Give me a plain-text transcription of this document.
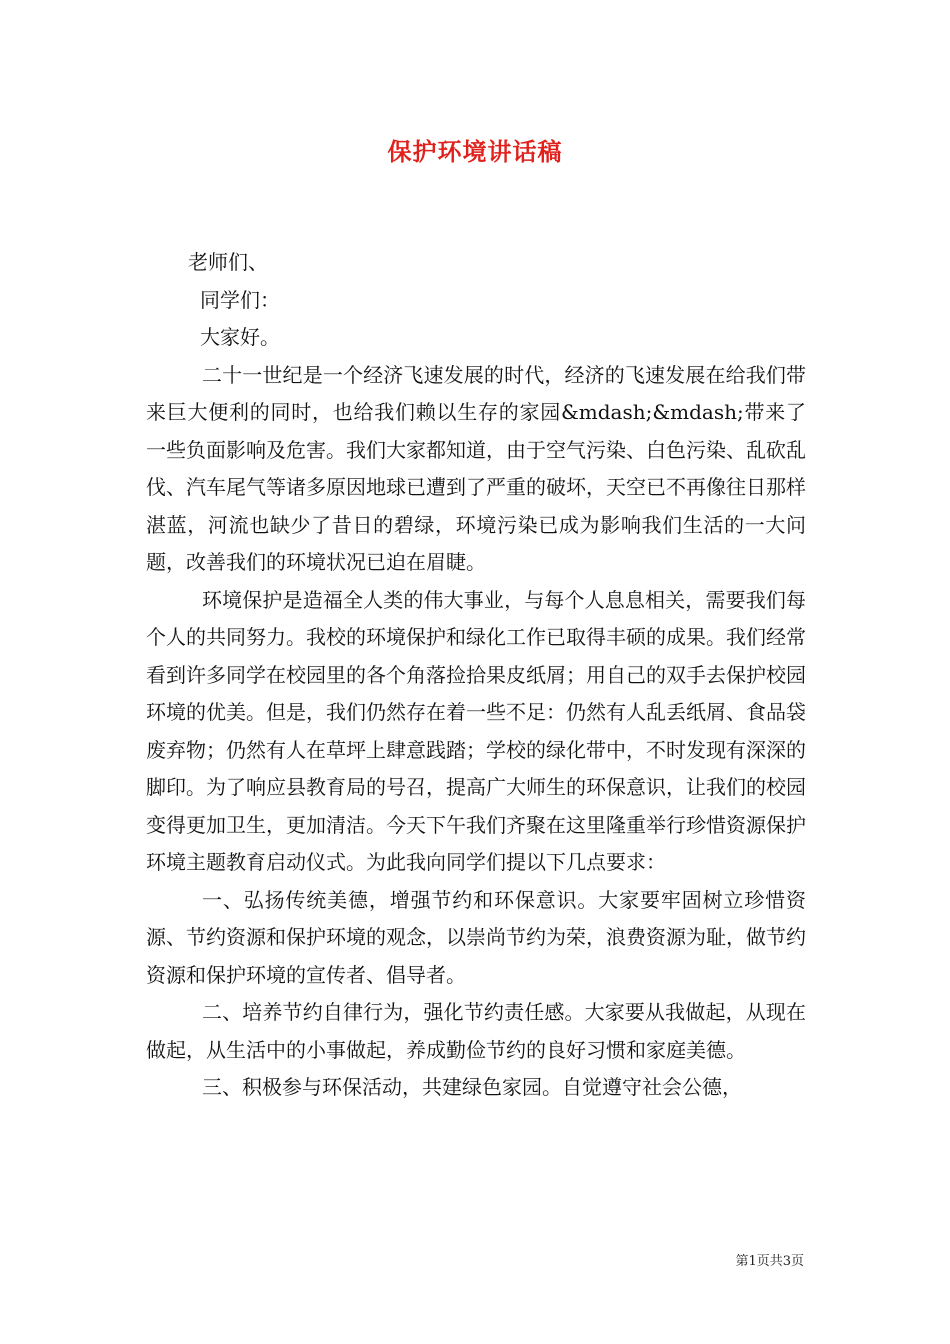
保护环境讲话稿

老师们、

同学们：

大家好。

二十一世纪是一个经济飞速发展的时代，经济的飞速发展在给我们带来巨大便利的同时，也给我们赖以生存的家园&mdash;&mdash;带来了一些负面影响及危害。我们大家都知道，由于空气污染、白色污染、乱砍乱伐、汽车尾气等诸多原因地球已遭到了严重的破坏，天空已不再像往日那样湛蓝，河流也缺少了昔日的碧绿，环境污染已成为影响我们生活的一大问题，改善我们的环境状况已迫在眉睫。

环境保护是造福全人类的伟大事业，与每个人息息相关，需要我们每个人的共同努力。我校的环境保护和绿化工作已取得丰硕的成果。我们经常看到许多同学在校园里的各个角落捡拾果皮纸屑；用自己的双手去保护校园环境的优美。但是，我们仍然存在着一些不足：仍然有人乱丢纸屑、食品袋废弃物；仍然有人在草坪上肆意践踏；学校的绿化带中，不时发现有深深的脚印。为了响应县教育局的号召，提高广大师生的环保意识，让我们的校园变得更加卫生，更加清洁。今天下午我们齐聚在这里隆重举行珍惜资源保护环境主题教育启动仪式。为此我向同学们提以下几点要求：

一、弘扬传统美德，增强节约和环保意识。大家要牢固树立珍惜资源、节约资源和保护环境的观念，以崇尚节约为荣，浪费资源为耻，做节约资源和保护环境的宣传者、倡导者。

二、培养节约自律行为，强化节约责任感。大家要从我做起，从现在做起，从生活中的小事做起，养成勤俭节约的良好习惯和家庭美德。

三、积极参与环保活动，共建绿色家园。自觉遵守社会公德，

第1页共3页
